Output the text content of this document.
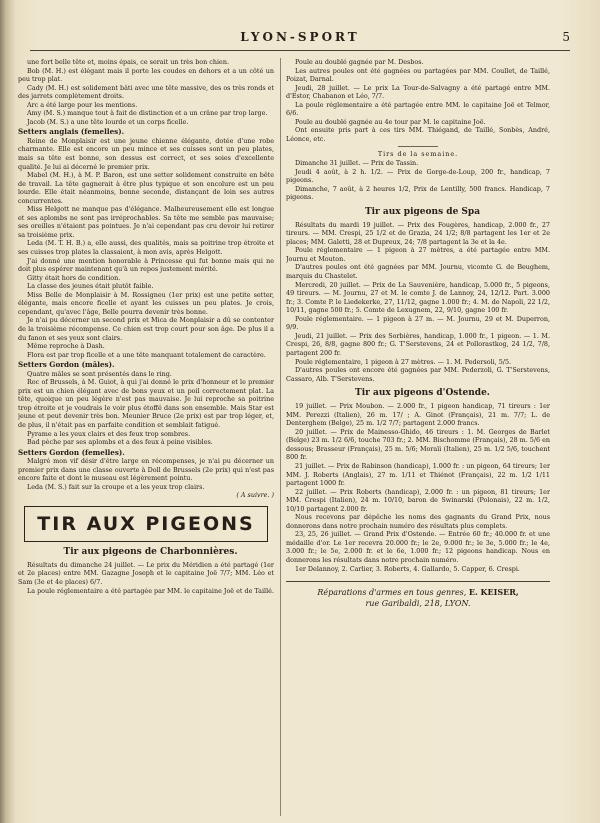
LYON-SPORT	5

une fort belle tête et, moins épais, ce serait un très bon chien.

Bob (M. H.) est élégant mais il porte les coudes en dehors et a un côté un peu trop plat.

Cady (M. H.) est solidement bâti avec une tête massive, des os très ronds et des jarrets complètement droits.

Arc a été large pour les mentions.

Amy (M. S.) manque tout à fait de distinction et a un crâne par trop large.

Jacob (M. S.) a une tête lourde et un corps ficelle.

Setters anglais (femelles).

Reine de Monplaisir est une jeune chienne élégante, dotée d'une robe charmante. Elle est encore un peu mince et ses cuisses sont un peu plates, mais sa tête est bonne, son dessus est correct, et ses soies d'excellente qualité. Je lui ai décerné le premier prix.

Mabel (M. H.), à M. P. Baron, est une setter solidement construite en bête de travail. La tête gagnerait à être plus typique et son encolure est un peu lourde. Elle était néanmoins, bonne seconde, distançant de loin ses autres concurrentes.

Miss Helgott ne manque pas d'élégance. Malheureusement elle est longue et ses aplombs ne sont pas irréprochables. Sa tête me semble pas mauvaise; ses oreilles n'étaient pas pointues. Je n'ai cependant pas cru devoir lui retirer sa troisième prix.

Leda (M. T. H. B.) a, elle aussi, des qualités, mais sa poitrine trop étroite et ses cuisses trop plates la classaient, à mon avis, après Helgott.

J'ai donné une mention honorable à Princesse qui fut bonne mais qui ne doit plus espérer maintenant qu'à un repos justement mérité.

Gitty était hors de condition.

La classe des jeunes était plutôt faible.

Miss Belle de Monplaisir à M. Rossigneu (1er prix) est une petite setter, élégante, mais encore ficelle et ayant les cuisses un peu plates. Je crois, cependant, qu'avec l'âge, Belle pourra devenir très bonne.

Je n'ai pu décerner un second prix et Mica de Monplaisir a dû se contenter de la troisième récompense. Ce chien est trop court pour son âge. De plus il a du fanon et ses yeux sont clairs.

Même reproche à Dash.

Flora est par trop ficelle et a une tête manquant totalement de caractère.

Setters Gordon (mâles).

Quatre mâles se sont présentés dans le ring.

Roc of Brussels, à M. Guiot, à qui j'ai donné le prix d'honneur et le premier prix est un chien élégant avec de bons yeux et un poil correctement plat. La tête, quoique un peu légère n'est pas mauvaise. Je lui reproche sa poitrine trop étroite et je voudrais le voir plus étoffé dans son ensemble. Mais Star est jeune et peut devenir très bon. Meunier Bruce (2e prix) est par trop léger, et, de plus, il n'était pas en parfaite condition et semblait fatigué.

Pyrame a les yeux clairs et des feux trop sombres.

Bad pèche par ses aplombs et a des feux à peine visibles.

Setters Gordon (femelles).

Malgré mon vif désir d'être large en récompenses, je n'ai pu décerner un premier prix dans une classe ouverte à Doll de Brussels (2e prix) qui n'est pas encore faite et dont le museau est légèrement pointu.

Leda (M. S.) fait sur la croupe et a les yeux trop clairs.

( A suivre. )

TIR AUX PIGEONS

Tir aux pigeons de Charbonnières.

Résultats du dimanche 24 juillet. — Le prix du Méridien a été partagé (1er et 2e places) entre MM. Gazagne Joseph et le capitaine Joë 7/7; MM. Léo et Sam (3e et 4e places) 6/7.

La poule réglementaire a été partagée par MM. le capitaine Joë et de Taillé.

Poule au doublé gagnée par M. Desbos.

Les autres poules ont été gagnées ou partagées par MM. Coullet, de Taillé, Poizat, Darnal.

Jeudi, 28 juillet. — Le prix La Tour-de-Salvagny a été partagé entre MM. d'Estor, Chabanon et Léo, 7/7.

La poule réglementaire a été partagée entre MM. le capitaine Joë et Telmor, 6/6.

Poule au doublé gagnée au 4e tour par M. le capitaine Joë.

Ont ensuite pris part à ces tirs MM. Thiégand, de Taillé, Sonbès, André, Léonce, etc.

Tirs de la semaine.

Dimanche 31 juillet. — Prix de Tassin.

Jeudi 4 août, à 2 h. 1/2. — Prix de Gorge-de-Loup, 200 fr., handicap, 7 pigeons.

Dimanche, 7 août, à 2 heures 1/2, Prix de Lentilly, 500 francs. Handicap, 7 pigeons.

Tir aux pigeons de Spa

Résultats du mardi 19 juillet. — Prix des Fougères, handicap, 2.000 fr., 27 tireurs. — MM. Crespi, 25 1/2 et de Grazia, 24 1/2; 8/8 partagent les 1er et 2e places; MM. Galetti, 28 et Dupreux, 24; 7/8 partagent la 3e et la 4e.

Poule réglementaire — 1 pigeon à 27 mètres, a été partagée entre MM. Journu et Mouton.

D'autres poules ont été gagnées par MM. Journu, vicomte G. de Beughem, marquis du Chastelet.

Mercredi, 20 juillet. — Prix de La Sauvenière, handicap, 5.000 fr., 5 pigeons, 49 tireurs. — M. Journu, 27 et M. le comte J. de Lannoy, 24, 12/12. Part. 3.000 fr.; 3. Comte P. le Liedekerke, 27, 11/12, gagne 1.000 fr.; 4. M. de Napoli, 22 1/2, 10/11, gagne 500 fr.; 5. Comte de Lexugnem, 22, 9/10, gagne 100 fr.

Poule réglementaire. — 1 pigeon à 27 m. — M. Journu, 29 et M. Duperron, 9/9.

Jeudi, 21 juillet. — Prix des Sorbières, handicap, 1.000 fr., 1 pigeon. — 1. M. Crespi, 26, 8/8, gagne 800 fr.; G. T'Serstevens, 24 et Pollorastkog, 24 1/2, 7/8, partagent 200 fr.

Poule réglementaire, 1 pigeon à 27 mètres. — 1. M. Pedersoli, 5/5.

D'autres poules ont encore été gagnées par MM. Pederzoli, G. T'Serstevens, Cassaro, Alb. T'Serstevens.

Tir aux pigeons d'Ostende.

19 juillet. — Prix Moubon. — 2.000 fr., 1 pigeon handicap, 71 tireurs : 1er MM. Perezzi (Italien), 26 m. 17/ ; A. Ginot (Français), 21 m. 7/7; L. de Denterghem (Belge), 25 m. 1/2 7/7; partagent 2.000 francs.

20 juillet. — Prix de Mainesso-Ghido, 46 tireurs : 1. M. Georges de Barlet (Belge) 23 m. 1/2 6/6, touche 703 fr.; 2. MM. Bischomme (Français), 28 m. 5/6 en dessous; Brasseur (Français), 25 m. 5/6; Moraïi (Italien), 25 m. 1/2 5/6, touchent 800 fr.

21 juillet. — Prix de Rabinson (handicap), 1.000 fr. : un pigeon, 64 tireurs; 1er MM. J. Roberts (Anglais), 27 m. 1/11 et Thiénot (Français), 22 m. 1/2 1/11 partagent 1000 fr.

22 juillet. — Prix Roberts (handicap), 2.000 fr. : un pigeon, 81 tireurs; 1er MM. Crespi (Italien), 24 m. 10/10, baron de Swinarski (Polonais), 22 m. 1/2, 10/10 partagent 2.000 fr.

Nous recevons par dépêche les noms des gagnants du Grand Prix, nous donnerons dans notre prochain numéro des résultats plus complets.

23, 25, 26 juillet. — Grand Prix d'Ostende. — Entrée 60 fr.; 40.000 fr. et une médaille d'or. Le 1er recevra 20.000 fr.; le 2e, 9.000 fr.; le 3e, 5.000 fr.; le 4e, 3.000 fr.; le 5e, 2.000 fr. et le 6e, 1.000 fr.; 12 pigeons handicap. Nous en donnerons les résultats dans notre prochain numéro.

1er Delannoy, 2. Carlier, 3. Roberts, 4. Gallardo, 5. Capper, 6. Crespi.

Réparations d'armes en tous genres, E. KEISER,
rue Garibaldi, 218, LYON.
